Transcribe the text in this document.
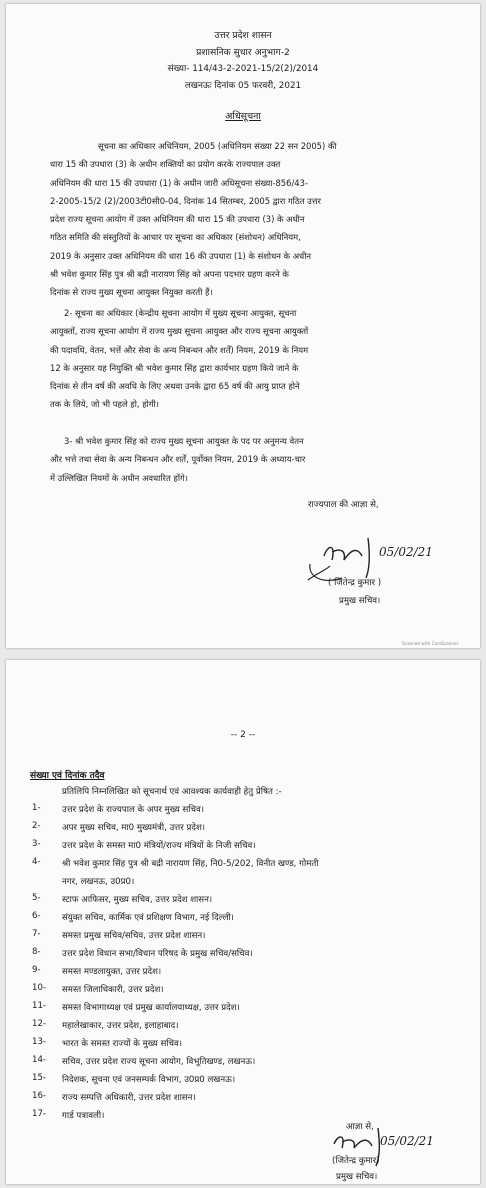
उत्तर प्रदेश शासन
प्रशासनिक सुधार अनुभाग-2
संख्या- 114/43-2-2021-15/2(2)/2014
लखनऊः दिनांक 05 फरवरी, 2021
अधिसूचना
सूचना का अधिकार अधिनियम, 2005 (अधिनियम संख्या 22 सन 2005) की
धारा 15 की उपधारा (3) के अधीन शक्तियों का प्रयोग करके राज्यपाल उक्त
अधिनियम की धारा 15 की उपधारा (1) के अधीन जारी अधिसूचना संख्या-856/43-
2-2005-15/2 (2)/2003टी0सी0-04, दिनांक 14 सितम्बर, 2005 द्वारा गठित उत्तर
प्रदेश राज्य सूचना आयोग में उक्त अधिनियम की धारा 15 की उपधारा (3) के अधीन
गठित समिति की संस्तुतियों के आधार पर सूचना का अधिकार (संशोधन) अधिनियम,
2019 के अनुसार उक्त अधिनियम की धारा 16 की उपधारा (1) के संशोधन के अधीन
श्री भवेश कुमार सिंह पुत्र श्री बद्री नारायण सिंह को अपना पदभार ग्रहण करने के
दिनांक से राज्य मुख्य सूचना आयुक्त नियुक्त करती हैं।
2- सूचना का अधिकार (केन्द्रीय सूचना आयोग में मुख्य सूचना आयुक्त, सूचना
आयुक्तों, राज्य सूचना आयोग में राज्य मुख्य सूचना आयुक्त और राज्य सूचना आयुक्तों
की पदावधि, वेतन, भत्तें और सेवा के अन्य निबन्धन और शर्तें) नियम, 2019 के नियम
12 के अनुसार यह नियुक्ति श्री भवेश कुमार सिंह द्वारा कार्यभार ग्रहण किये जाने के
दिनांक से तीन वर्ष की अवधि के लिए अथवा उनके द्वारा 65 वर्ष की आयु प्राप्त होने
तक के लिये, जो भी पहले हो, होगी।
3- श्री भवेश कुमार सिंह को राज्य मुख्य सूचना आयुक्त के पद पर अनुमन्य वेतन
और भत्ते तथा सेवा के अन्य निबन्धन और शर्तें, पूर्वोक्त नियम, 2019 के अध्याय-चार
में उल्लिखित नियमों के अधीन अवधारित होंगे।
राज्यपाल की आज्ञा से,
05/02/21
( जितेन्द्र कुमार )
प्रमुख सचिव।
Scanned with CamScanner
-- 2 --
संख्या एवं दिनांक तदैव
प्रतिलिपि निम्नलिखित को सूचनार्थ एवं आवश्यक कार्यवाही हेतु प्रेषित :-
1- उत्तर प्रदेश के राज्यपाल के अपर मुख्य सचिव।
2- अपर मुख्य सचिव, मा0 मुख्यमंत्री, उत्तर प्रदेश।
3- उत्तर प्रदेश के समस्त मा0 मंत्रियों/राज्य मंत्रियों के निजी सचिव।
4- श्री भवेश कुमार सिंह पुत्र श्री बद्री नारायण सिंह, नि0-5/202, विनीत खण्ड, गोमती
नगर, लखनऊ, उ0प्र0।
5- स्टाफ आफिसर, मुख्य सचिव, उत्तर प्रदेश शासन।
6- संयुक्त सचिव, कार्मिक एवं प्रशिक्षण विभाग, नई दिल्ली।
7- समस्त प्रमुख सचिव/सचिव, उत्तर प्रदेश शासन।
8- उत्तर प्रदेश विधान सभा/विधान परिषद के प्रमुख सचिव/सचिव।
9- समस्त मण्डलायुक्त, उत्तर प्रदेश।
10- समस्त जिलाधिकारी, उत्तर प्रदेश।
11- समस्त विभागाध्यक्ष एवं प्रमुख कार्यालयाध्यक्ष, उत्तर प्रदेश।
12- महालेखाकार, उत्तर प्रदेश, इलाहाबाद।
13- भारत के समस्त राज्यों के मुख्य सचिव।
14- सचिव, उत्तर प्रदेश राज्य सूचना आयोग, विभूतिखण्ड, लखनऊ।
15- निदेशक, सूचना एवं जनसम्पर्क विभाग, उ0प्र0 लखनऊ।
16- राज्य सम्पत्ति अधिकारी, उत्तर प्रदेश शासन।
17- गार्ड पत्रावली।
आज्ञा से,
05/02/21
(जितेन्द्र कुमार)
प्रमुख सचिव।
